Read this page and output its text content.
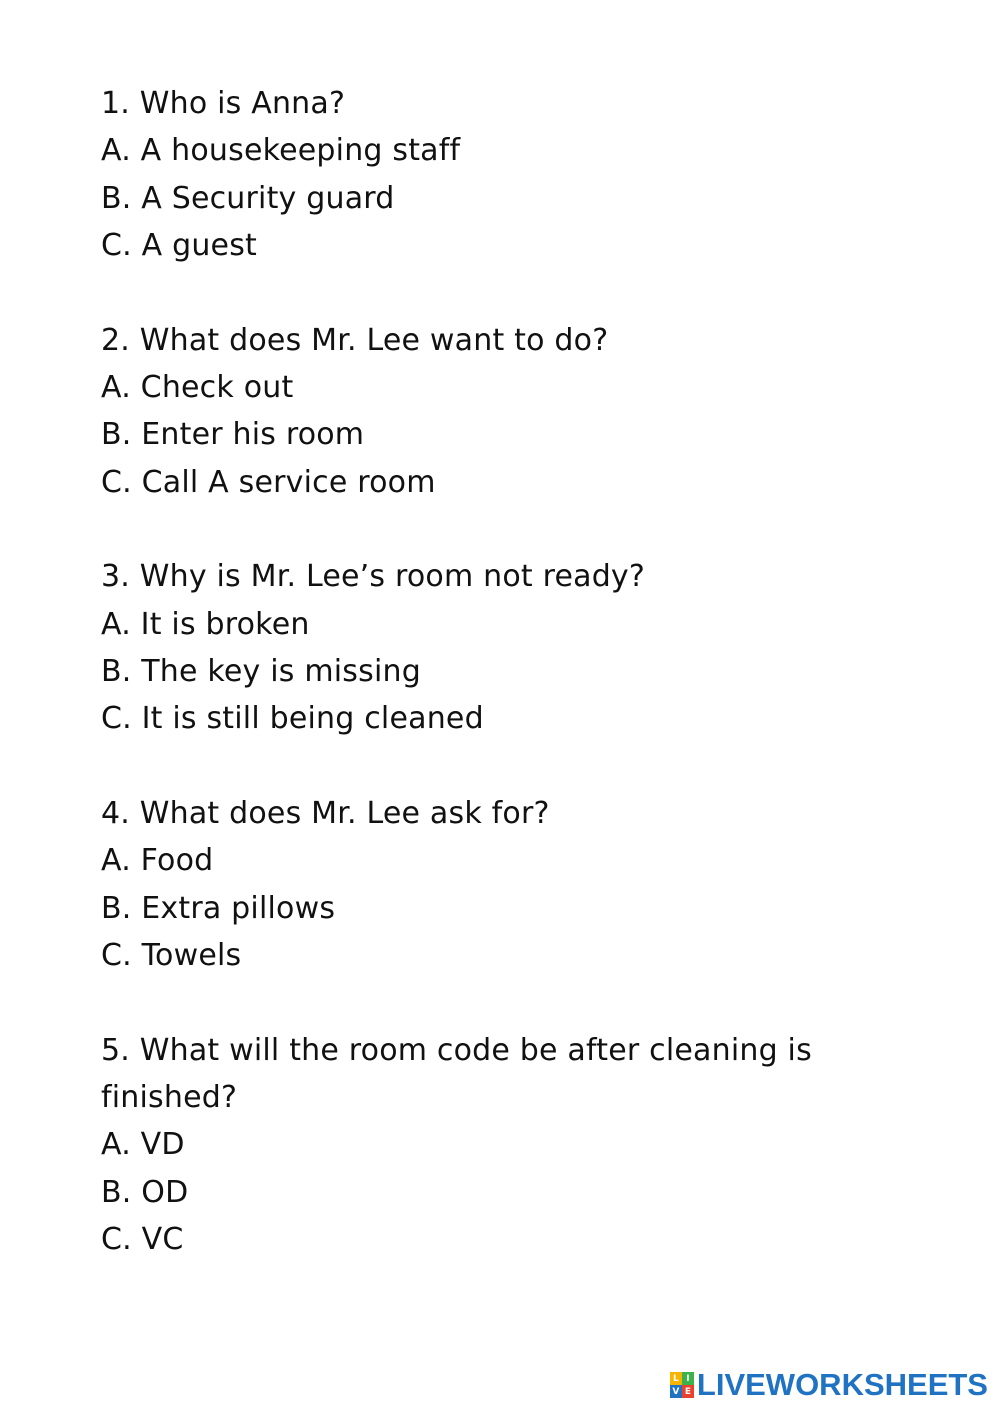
1. Who is Anna?
A. A housekeeping staff
B. A Security guard
C. A guest
2. What does Mr. Lee want to do?
A. Check out
B. Enter his room
C. Call A service room
3. Why is Mr. Lee’s room not ready?
A. It is broken
B. The key is missing
C. It is still being cleaned
4. What does Mr. Lee ask for?
A. Food
B. Extra pillows
C. Towels
5. What will the room code be after cleaning is finished?
A. VD
B. OD
C. VC
L I
V E LIVEWORKSHEETS
